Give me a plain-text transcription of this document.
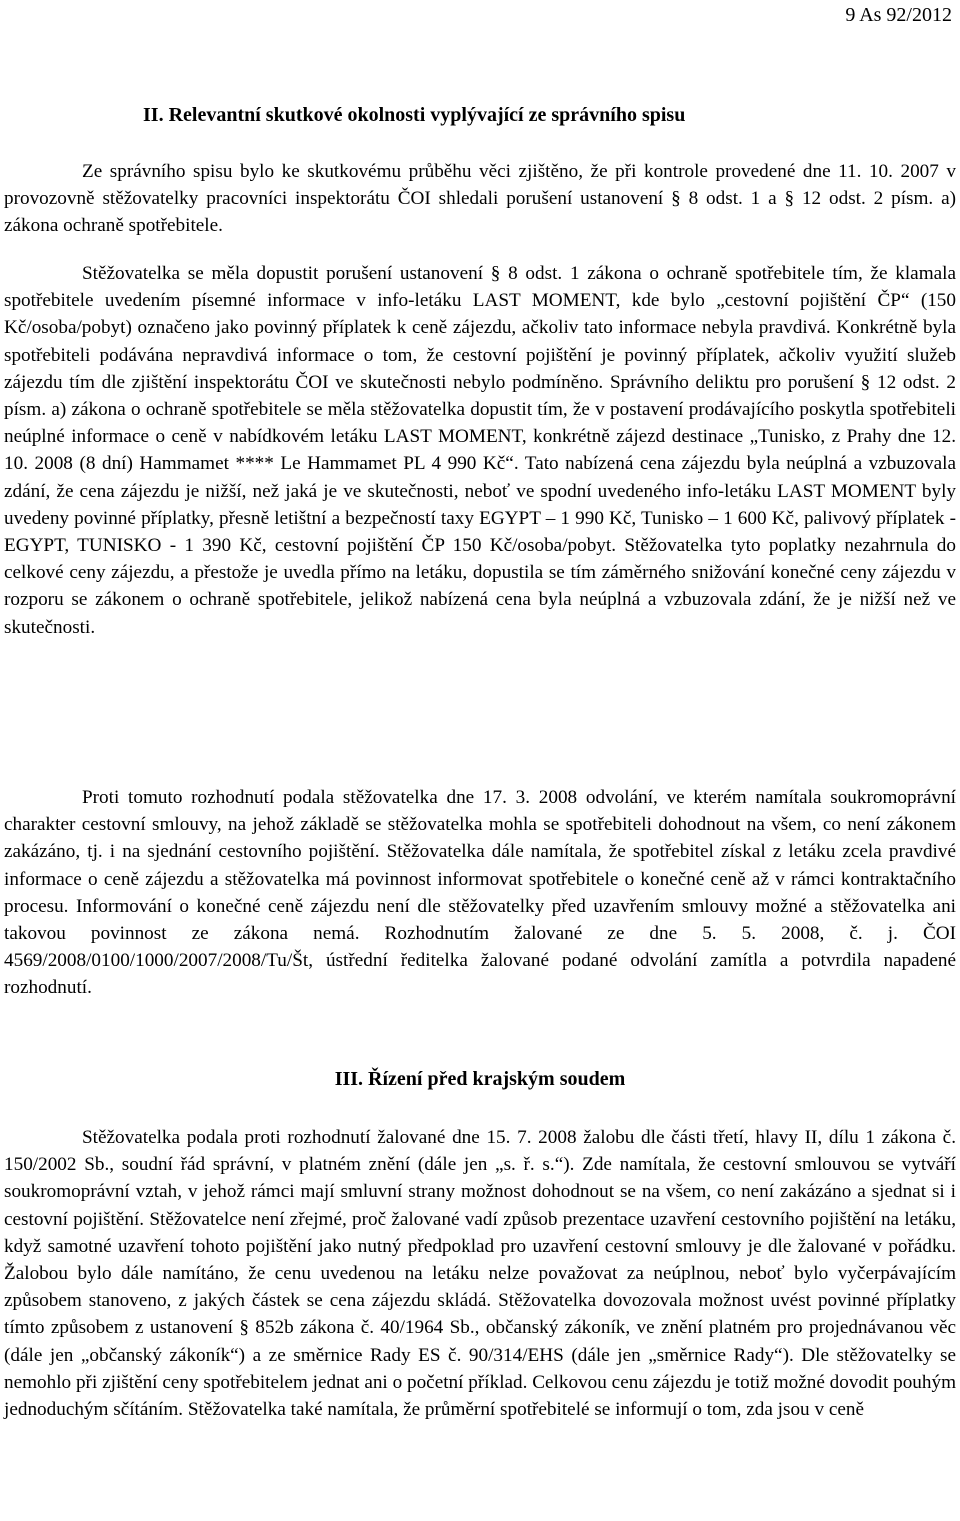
9 As 92/2012
II. Relevantní skutkové okolnosti vyplývající ze správního spisu

Ze správního spisu bylo ke skutkovému průběhu věci zjištěno, že při kontrole provedené dne 11. 10. 2007 v provozovně stěžovatelky pracovníci inspektorátu ČOI shledali porušení ustanovení § 8 odst. 1 a § 12 odst. 2 písm. a) zákona ochraně spotřebitele.

Stěžovatelka se měla dopustit porušení ustanovení § 8 odst. 1 zákona o ochraně spotřebitele tím, že klamala spotřebitele uvedením písemné informace v info-letáku LAST MOMENT, kde bylo „cestovní pojištění ČP“ (150 Kč/osoba/pobyt) označeno jako povinný příplatek k ceně zájezdu, ačkoliv tato informace nebyla pravdivá. Konkrétně byla spotřebiteli podávána nepravdivá informace o tom, že cestovní pojištění je povinný příplatek, ačkoliv využití služeb zájezdu tím dle zjištění inspektorátu ČOI ve skutečnosti nebylo podmíněno. Správního deliktu pro porušení § 12 odst. 2 písm. a) zákona o ochraně spotřebitele se měla stěžovatelka dopustit tím, že v postavení prodávajícího poskytla spotřebiteli neúplné informace o ceně v nabídkovém letáku LAST MOMENT, konkrétně zájezd destinace „Tunisko, z Prahy dne 12. 10. 2008 (8 dní) Hammamet **** Le Hammamet PL 4 990 Kč“. Tato nabízená cena zájezdu byla neúplná a vzbuzovala zdání, že cena zájezdu je nižší, než jaká je ve skutečnosti, neboť ve spodní uvedeného info-letáku LAST MOMENT byly uvedeny povinné příplatky, přesně letištní a bezpečností taxy EGYPT – 1 990 Kč, Tunisko – 1 600 Kč, palivový příplatek - EGYPT, TUNISKO - 1 390 Kč, cestovní pojištění ČP 150 Kč/osoba/pobyt. Stěžovatelka tyto poplatky nezahrnula do celkové ceny zájezdu, a přestože je uvedla přímo na letáku, dopustila se tím záměrného snižování konečné ceny zájezdu v rozporu se zákonem o ochraně spotřebitele, jelikož nabízená cena byla neúplná a vzbuzovala zdání, že je nižší než ve skutečnosti.

Proti tomuto rozhodnutí podala stěžovatelka dne 17. 3. 2008 odvolání, ve kterém namítala soukromoprávní charakter cestovní smlouvy, na jehož základě se stěžovatelka mohla se spotřebiteli dohodnout na všem, co není zákonem zakázáno, tj. i na sjednání cestovního pojištění. Stěžovatelka dále namítala, že spotřebitel získal z letáku zcela pravdivé informace o ceně zájezdu a stěžovatelka má povinnost informovat spotřebitele o konečné ceně až v rámci kontraktačního procesu. Informování o konečné ceně zájezdu není dle stěžovatelky před uzavřením smlouvy možné a stěžovatelka ani takovou povinnost ze zákona nemá. Rozhodnutím žalované ze dne 5. 5. 2008, č. j. ČOI 4569/2008/0100/1000/2007/2008/Tu/Št, ústřední ředitelka žalované podané odvolání zamítla a potvrdila napadené rozhodnutí.

III. Řízení před krajským soudem

Stěžovatelka podala proti rozhodnutí žalované dne 15. 7. 2008 žalobu dle části třetí, hlavy II, dílu 1 zákona č. 150/2002 Sb., soudní řád správní, v platném znění (dále jen „s. ř. s.“). Zde namítala, že cestovní smlouvou se vytváří soukromoprávní vztah, v jehož rámci mají smluvní strany možnost dohodnout se na všem, co není zakázáno a sjednat si i cestovní pojištění. Stěžovatelce není zřejmé, proč žalované vadí způsob prezentace uzavření cestovního pojištění na letáku, když samotné uzavření tohoto pojištění jako nutný předpoklad pro uzavření cestovní smlouvy je dle žalované v pořádku. Žalobou bylo dále namítáno, že cenu uvedenou na letáku nelze považovat za neúplnou, neboť bylo vyčerpávajícím způsobem stanoveno, z jakých částek se cena zájezdu skládá. Stěžovatelka dovozovala možnost uvést povinné příplatky tímto způsobem z ustanovení § 852b zákona č. 40/1964 Sb., občanský zákoník, ve znění platném pro projednávanou věc (dále jen „občanský zákoník“) a ze směrnice Rady ES č. 90/314/EHS (dále jen „směrnice Rady“). Dle stěžovatelky se nemohlo při zjištění ceny spotřebitelem jednat ani o početní příklad. Celkovou cenu zájezdu je totiž možné dovodit pouhým jednoduchým sčítáním. Stěžovatelka také namítala, že průměrní spotřebitelé se informují o tom, zda jsou v ceně
